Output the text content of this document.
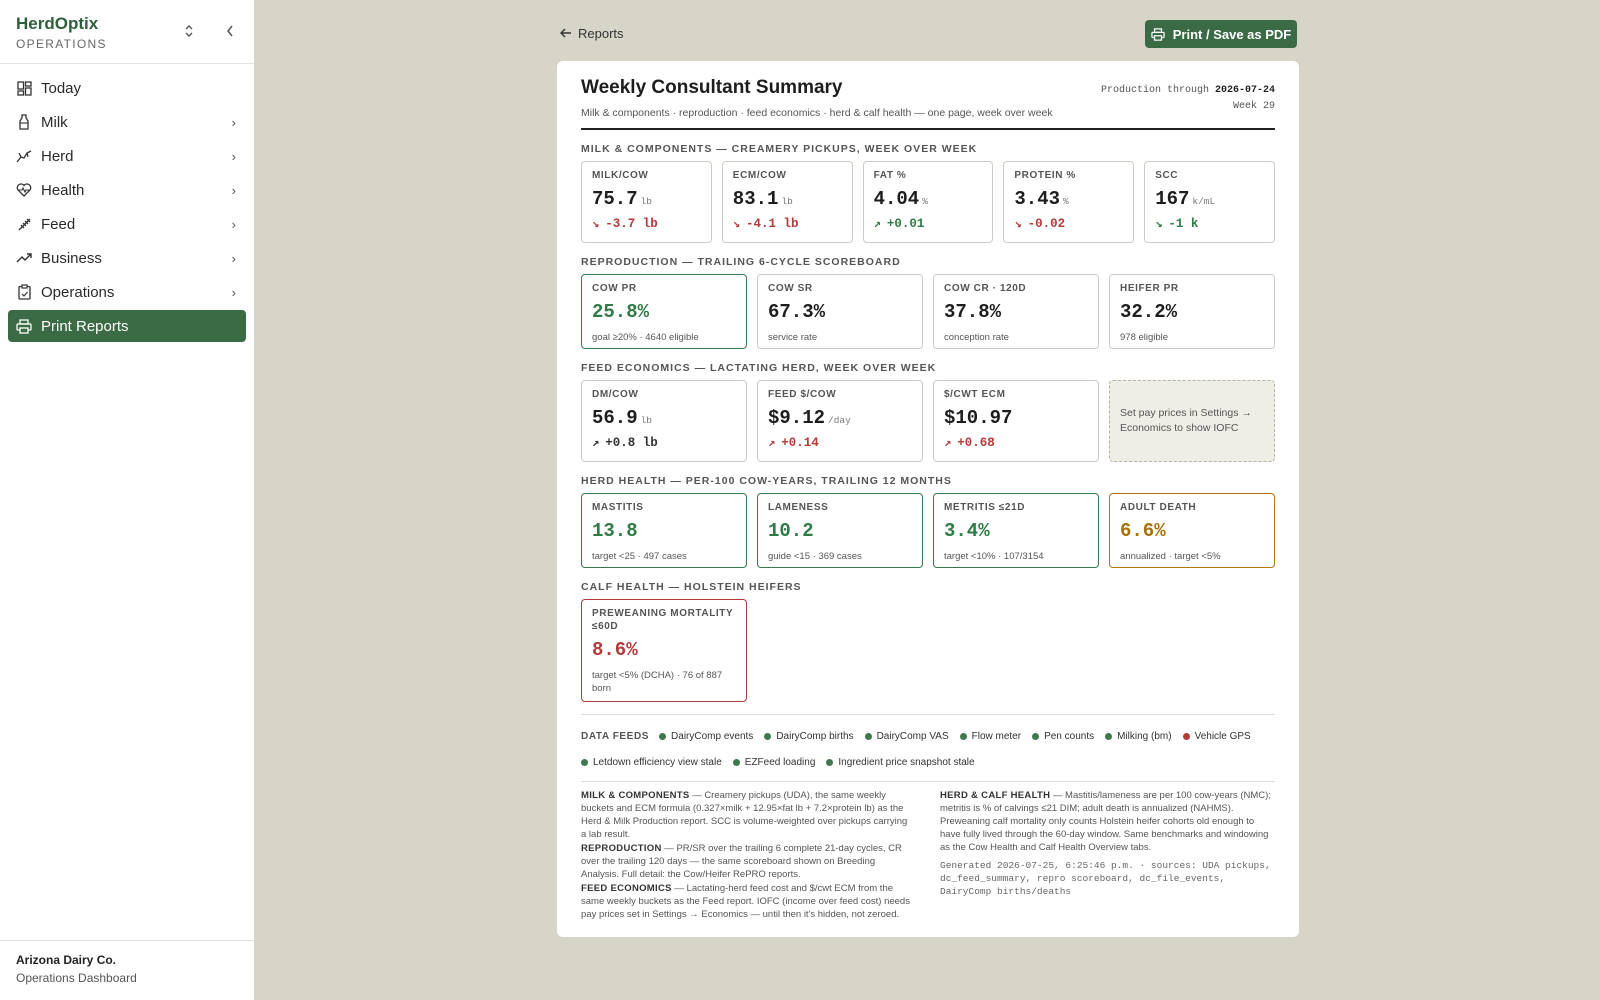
HerdOptix
OPERATIONS
Today
Milk	›
Herd	›
Health	›
Feed	›
Business	›
Operations	›
Print Reports
Arizona Dairy Co.
Operations Dashboard
Reports	Print / Save as PDF
Weekly Consultant Summary
Milk & components · reproduction · feed economics · herd & calf health — one page, week over week
Production through 2026-07-24
Week 29
MILK & COMPONENTS — CREAMERY PICKUPS, WEEK OVER WEEK
MILK/COW
75.7 lb
↘ -3.7 lb
ECM/COW
83.1 lb
↘ -4.1 lb
FAT %
4.04 %
↗ +0.01
PROTEIN %
3.43 %
↘ -0.02
SCC
167 k/mL
↘ -1 k
REPRODUCTION — TRAILING 6-CYCLE SCOREBOARD
COW PR
25.8%
goal ≥20% · 4640 eligible
COW SR
67.3%
service rate
COW CR · 120D
37.8%
conception rate
HEIFER PR
32.2%
978 eligible
FEED ECONOMICS — LACTATING HERD, WEEK OVER WEEK
DM/COW
56.9 lb
↗ +0.8 lb
FEED $/COW
$9.12 /day
↗ +0.14
$/CWT ECM
$10.97
↗ +0.68
Set pay prices in Settings → Economics to show IOFC
HERD HEALTH — PER-100 COW-YEARS, TRAILING 12 MONTHS
MASTITIS
13.8
target <25 · 497 cases
LAMENESS
10.2
guide <15 · 369 cases
METRITIS ≤21D
3.4%
target <10% · 107/3154
ADULT DEATH
6.6%
annualized · target <5%
CALF HEALTH — HOLSTEIN HEIFERS
PREWEANING MORTALITY ≤60D
8.6%
target <5% (DCHA) · 76 of 887 born
DATA FEEDS DairyComp events DairyComp births DairyComp VAS Flow meter Pen counts Milking (bm) Vehicle GPS
Letdown efficiency view stale EZFeed loading Ingredient price snapshot stale

MILK & COMPONENTS — Creamery pickups (UDA), the same weekly buckets and ECM formula (0.327×milk + 12.95×fat lb + 7.2×protein lb) as the Herd & Milk Production report. SCC is volume-weighted over pickups carrying a lab result.

REPRODUCTION — PR/SR over the trailing 6 complete 21-day cycles, CR over the trailing 120 days — the same scoreboard shown on Breeding Analysis. Full detail: the Cow/Heifer RePRO reports.

FEED ECONOMICS — Lactating-herd feed cost and $/cwt ECM from the same weekly buckets as the Feed report. IOFC (income over feed cost) needs pay prices set in Settings → Economics — until then it's hidden, not zeroed.

HERD & CALF HEALTH — Mastitis/lameness are per 100 cow-years (NMC); metritis is % of calvings ≤21 DIM; adult death is annualized (NAHMS). Preweaning calf mortality only counts Holstein heifer cohorts old enough to have fully lived through the 60-day window. Same benchmarks and windowing as the Cow Health and Calf Health Overview tabs.

Generated 2026-07-25, 6:25:46 p.m. · sources: UDA pickups, dc_feed_summary, repro scoreboard, dc_file_events, DairyComp births/deaths
